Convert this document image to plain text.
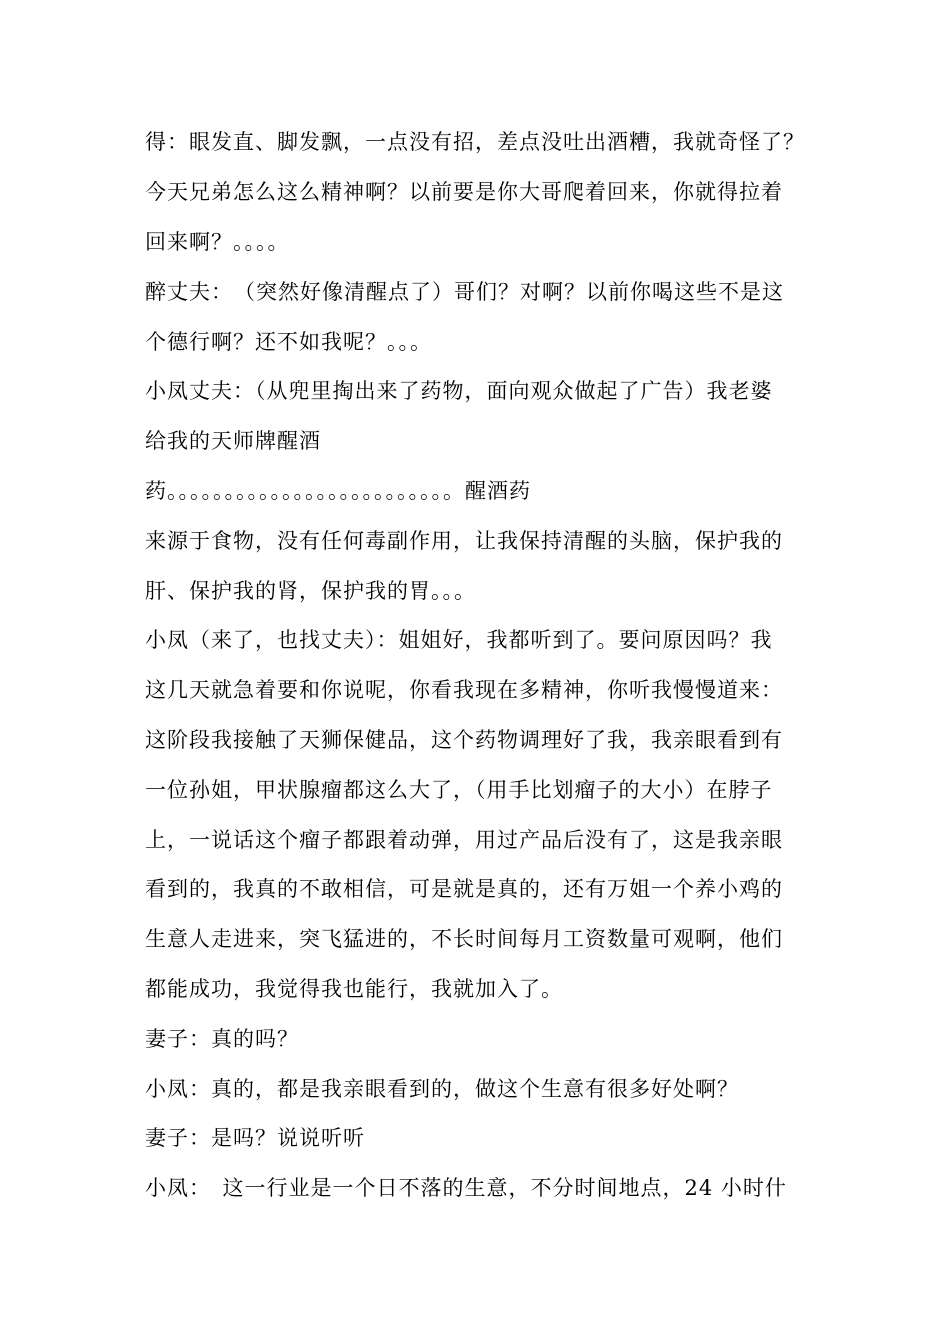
得：眼发直、脚发飘，一点没有招，差点没吐出酒糟，我就奇怪了？
今天兄弟怎么这么精神啊？以前要是你大哥爬着回来，你就得拉着
回来啊？。。。。
醉丈夫：　（突然好像清醒点了）哥们？对啊？以前你喝这些不是这
个德行啊？还不如我呢？。。。
小凤丈夫：（从兜里掏出来了药物，面向观众做起了广告）我老婆
给我的天师牌醒酒
药。。。。。。。。。。。。。。。。。。。。。。。。。醒酒药
来源于食物，没有任何毒副作用，让我保持清醒的头脑，保护我的
肝、保护我的肾，保护我的胃。。。
小凤（来了，也找丈夫）：姐姐好，我都听到了。要问原因吗？我
这几天就急着要和你说呢，你看我现在多精神，你听我慢慢道来：
这阶段我接触了天狮保健品，这个药物调理好了我，我亲眼看到有
一位孙姐，甲状腺瘤都这么大了，（用手比划瘤子的大小）在脖子
上，一说话这个瘤子都跟着动弹，用过产品后没有了，这是我亲眼
看到的，我真的不敢相信，可是就是真的，还有万姐一个养小鸡的
生意人走进来，突飞猛进的，不长时间每月工资数量可观啊，他们
都能成功，我觉得我也能行，我就加入了。
妻子：真的吗？
小凤：真的，都是我亲眼看到的，做这个生意有很多好处啊？
妻子：是吗？说说听听
小凤：　这一行业是一个日不落的生意，不分时间地点，24 小时什
